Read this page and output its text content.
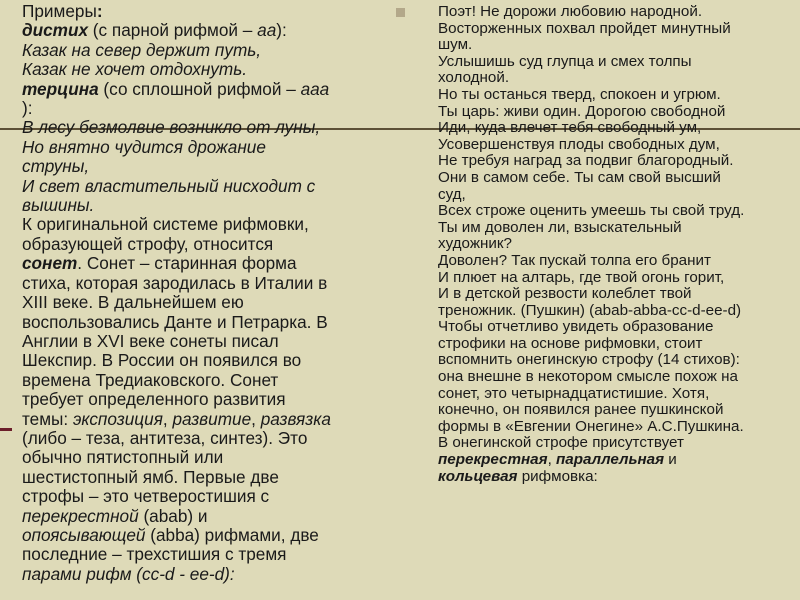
Примеры:
дистих (с парной рифмой – аа):
Казак на север держит путь,
Казак не хочет отдохнуть.
терцина (со сплошной рифмой – ааа
):
В лесу безмолвие возникло от луны,
Но внятно чудится дрожание
струны,
И свет властительный нисходит с
вышины.
К оригинальной системе рифмовки,
образующей строфу, относится
сонет. Сонет – старинная форма
стиха, которая зародилась в Италии в
XIII веке. В дальнейшем ею
воспользовались Данте и Петрарка. В
Англии в XVI веке сонеты писал
Шекспир. В России он появился во
времена Тредиаковского. Сонет
требует определенного развития
темы: экспозиция, развитие, развязка
(либо – теза, антитеза, синтез). Это
обычно пятистопный или
шестистопный ямб. Первые две
строфы – это четверостишия с
перекрестной (abab) и
опоясывающей (abba) рифмами, две
последние – трехстишия с тремя
парами рифм (cc-d - ee-d):
Поэт! Не дорожи любовию народной.
Восторженных похвал пройдет минутный
шум.
Услышишь суд глупца и смех толпы
холодной.
Но ты останься тверд, спокоен и угрюм.
Ты царь: живи один. Дорогою свободной
Иди, куда влечет тебя свободный ум,
Усовершенствуя плоды свободных дум,
Не требуя наград за подвиг благородный.
Они в самом себе. Ты сам свой высший
суд,
Всех строже оценить умеешь ты свой труд.
Ты им доволен ли, взыскательный
художник?
Доволен? Так пускай толпа его бранит
И плюет на алтарь, где твой огонь горит,
И в детской резвости колеблет твой
треножник. (Пушкин) (abab-abba-cc-d-ee-d)
Чтобы отчетливо увидеть образование
строфики на основе рифмовки, стоит
вспомнить онегинскую строфу (14 стихов):
она внешне в некотором смысле похож на
сонет, это четырнадцатистишие. Хотя,
конечно, он появился ранее пушкинской
формы в «Евгении Онегине» А.С.Пушкина.
В онегинской строфе присутствует
перекрестная, параллельная и
кольцевая рифмовка:
